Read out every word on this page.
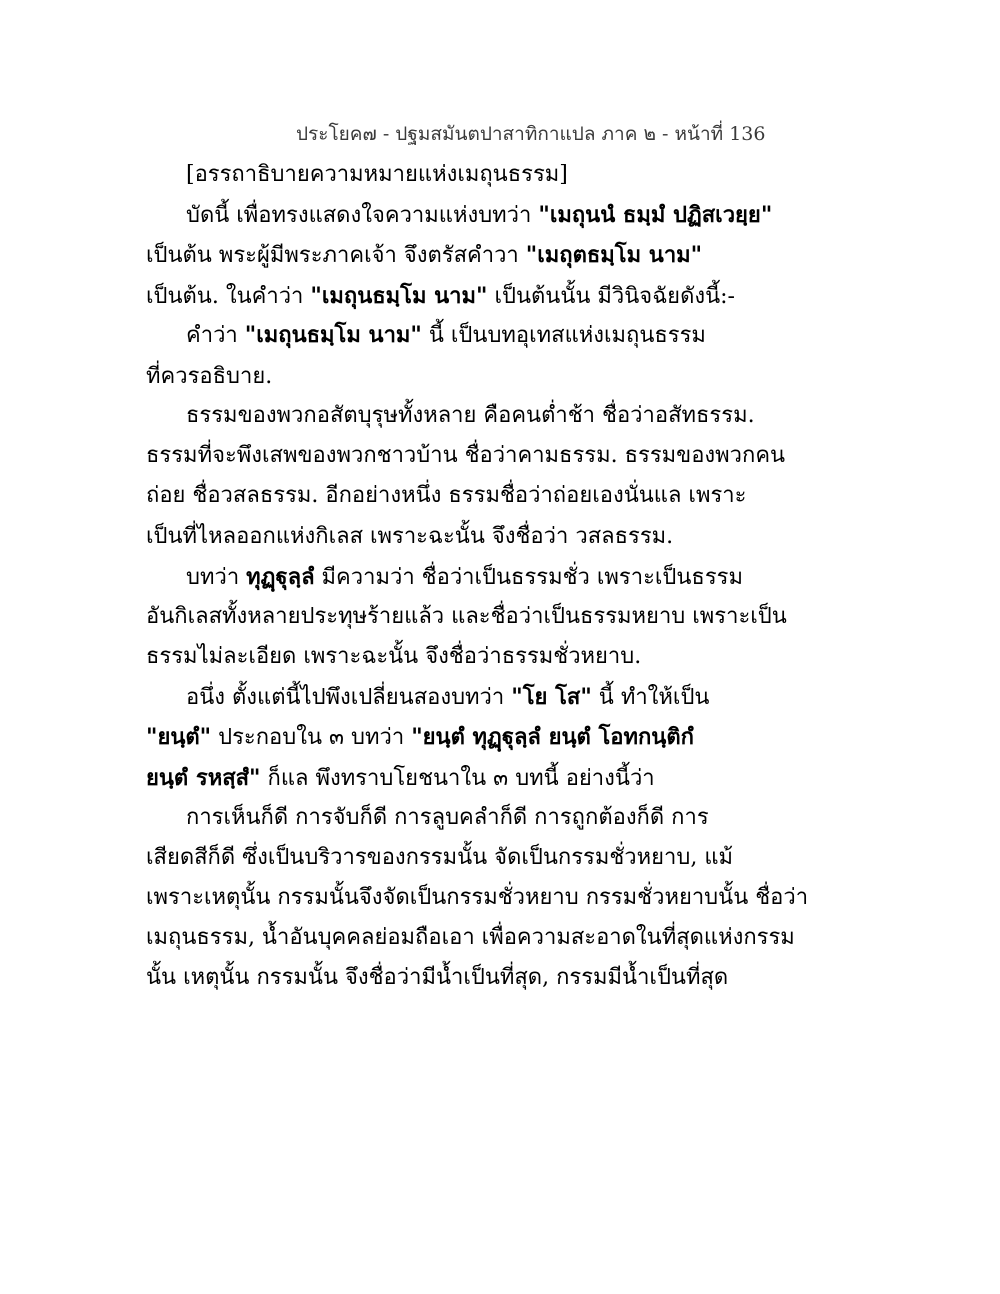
ประโยค๗ - ปฐมสมันตปาสาทิกาแปล ภาค ๒ - หน้าที่ 136
[อรรถาธิบายความหมายแห่งเมถุนธรรม]
บัดนี้ เพื่อทรงแสดงใจความแห่งบทว่า "เมถุนนํ ธมฺมํ ปฏิสเวยฺย"
เป็นต้น พระผู้มีพระภาคเจ้า จึงตรัสคำวา "เมถุตธมฺโม นาม"
เป็นต้น. ในคำว่า "เมถุนธมฺโม นาม" เป็นต้นนั้น มีวินิจฉัยดังนี้:-
คำว่า "เมถุนธมฺโม นาม" นี้ เป็นบทอุเทสแห่งเมถุนธรรม
ที่ควรอธิบาย.
ธรรมของพวกอสัตบุรุษทั้งหลาย คือคนต่ำช้า ชื่อว่าอสัทธรรม.
ธรรมที่จะพึงเสพของพวกชาวบ้าน ชื่อว่าคามธรรม. ธรรมของพวกคน
ถ่อย ชื่อวสลธรรม. อีกอย่างหนึ่ง ธรรมชื่อว่าถ่อยเองนั่นแล เพราะ
เป็นที่ไหลออกแห่งกิเลส เพราะฉะนั้น จึงชื่อว่า วสลธรรม.
บทว่า ทุฏฺฐุลฺลํ มีความว่า ชื่อว่าเป็นธรรมชั่ว เพราะเป็นธรรม
อันกิเลสทั้งหลายประทุษร้ายแล้ว และชื่อว่าเป็นธรรมหยาบ เพราะเป็น
ธรรมไม่ละเอียด เพราะฉะนั้น จึงชื่อว่าธรรมชั่วหยาบ.
อนึ่ง ตั้งแต่นี้ไปพึงเปลี่ยนสองบทว่า "โย โส" นี้ ทำให้เป็น
"ยนฺตํ" ประกอบใน ๓ บทว่า "ยนฺตํ ทุฏฺฐุลฺลํ ยนฺตํ โอทกนฺติกํ
ยนฺตํ รหสฺสํ" ก็แล พึงทราบโยชนาใน ๓ บทนี้ อย่างนี้ว่า
การเห็นก็ดี การจับก็ดี การลูบคลำก็ดี การถูกต้องก็ดี การ
เสียดสีก็ดี ซึ่งเป็นบริวารของกรรมนั้น จัดเป็นกรรมชั่วหยาบ, แม้
เพราะเหตุนั้น กรรมนั้นจึงจัดเป็นกรรมชั่วหยาบ กรรมชั่วหยาบนั้น ชื่อว่า
เมถุนธรรม, น้ำอันบุคคลย่อมถือเอา เพื่อความสะอาดในที่สุดแห่งกรรม
นั้น เหตุนั้น กรรมนั้น จึงชื่อว่ามีน้ำเป็นที่สุด, กรรมมีน้ำเป็นที่สุด
